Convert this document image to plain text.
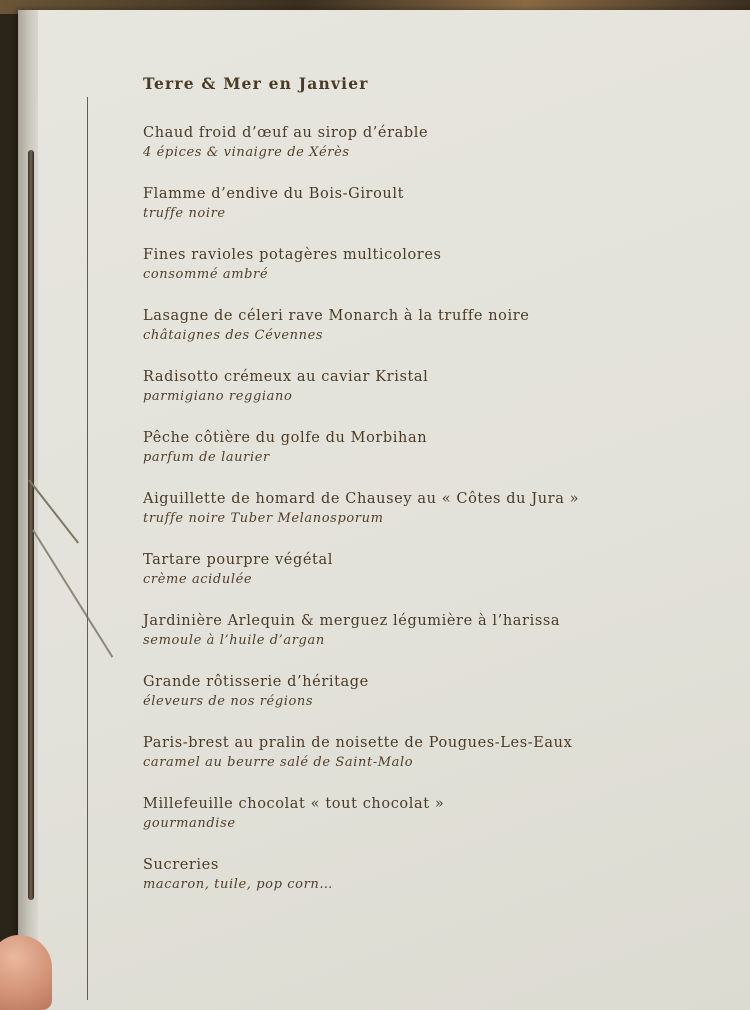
Terre & Mer en Janvier
Chaud froid d’œuf au sirop d’érable
4 épices & vinaigre de Xérès
Flamme d’endive du Bois-Giroult
truffe noire
Fines ravioles potagères multicolores
consommé ambré
Lasagne de céleri rave Monarch à la truffe noire
châtaignes des Cévennes
Radisotto crémeux au caviar Kristal
parmigiano reggiano
Pêche côtière du golfe du Morbihan
parfum de laurier
Aiguillette de homard de Chausey au « Côtes du Jura »
truffe noire Tuber Melanosporum
Tartare pourpre végétal
crème acidulée
Jardinière Arlequin & merguez légumière à l’harissa
semoule à l’huile d’argan
Grande rôtisserie d’héritage
éleveurs de nos régions
Paris-brest au pralin de noisette de Pougues-Les-Eaux
caramel au beurre salé de Saint-Malo
Millefeuille chocolat « tout chocolat »
gourmandise
Sucreries
macaron, tuile, pop corn…
